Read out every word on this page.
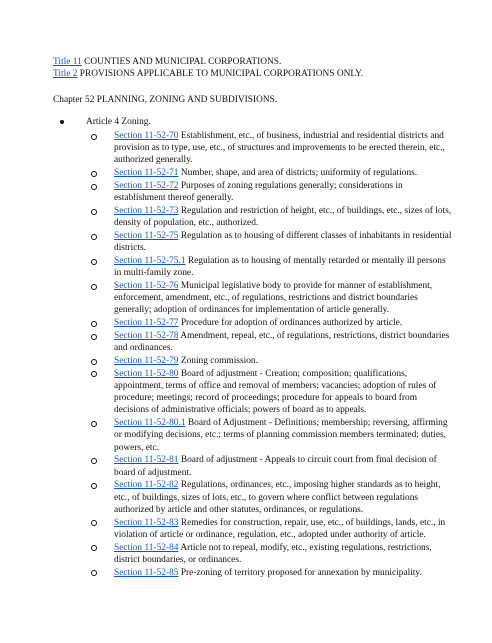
Title 11 COUNTIES AND MUNICIPAL CORPORATIONS.

Title 2 PROVISIONS APPLICABLE TO MUNICIPAL CORPORATIONS ONLY.

Chapter 52 PLANNING, ZONING AND SUBDIVISIONS.

Article 4 Zoning.
Section 11-52-70 Establishment, etc., of business, industrial and residential districts and provision as to type, use, etc., of structures and improvements to be erected therein, etc., authorized generally.
Section 11-52-71 Number, shape, and area of districts; uniformity of regulations.
Section 11-52-72 Purposes of zoning regulations generally; considerations in establishment thereof generally.
Section 11-52-73 Regulation and restriction of height, etc., of buildings, etc., sizes of lots, density of population, etc., authorized.
Section 11-52-75 Regulation as to housing of different classes of inhabitants in residential districts.
Section 11-52-75.1 Regulation as to housing of mentally retarded or mentally ill persons in multi-family zone.
Section 11-52-76 Municipal legislative body to provide for manner of establishment, enforcement, amendment, etc., of regulations, restrictions and district boundaries generally; adoption of ordinances for implementation of article generally.
Section 11-52-77 Procedure for adoption of ordinances authorized by article.
Section 11-52-78 Amendment, repeal, etc., of regulations, restrictions, district boundaries and ordinances.
Section 11-52-79 Zoning commission.
Section 11-52-80 Board of adjustment - Creation; composition; qualifications, appointment, terms of office and removal of members; vacancies; adoption of rules of procedure; meetings; record of proceedings; procedure for appeals to board from decisions of administrative officials; powers of board as to appeals.
Section 11-52-80.1 Board of Adjustment - Definitions; membership; reversing, affirming or modifying decisions, etc.; terms of planning commission members terminated; duties, powers, etc.
Section 11-52-81 Board of adjustment - Appeals to circuit court from final decision of board of adjustment.
Section 11-52-82 Regulations, ordinances, etc., imposing higher standards as to height, etc., of buildings, sizes of lots, etc., to govern where conflict between regulations authorized by article and other statutes, ordinances, or regulations.
Section 11-52-83 Remedies for construction, repair, use, etc., of buildings, lands, etc., in violation of article or ordinance, regulation, etc., adopted under authority of article.
Section 11-52-84 Article not to repeal, modify, etc., existing regulations, restrictions, district boundaries, or ordinances.
Section 11-52-85 Pre-zoning of territory proposed for annexation by municipality.
